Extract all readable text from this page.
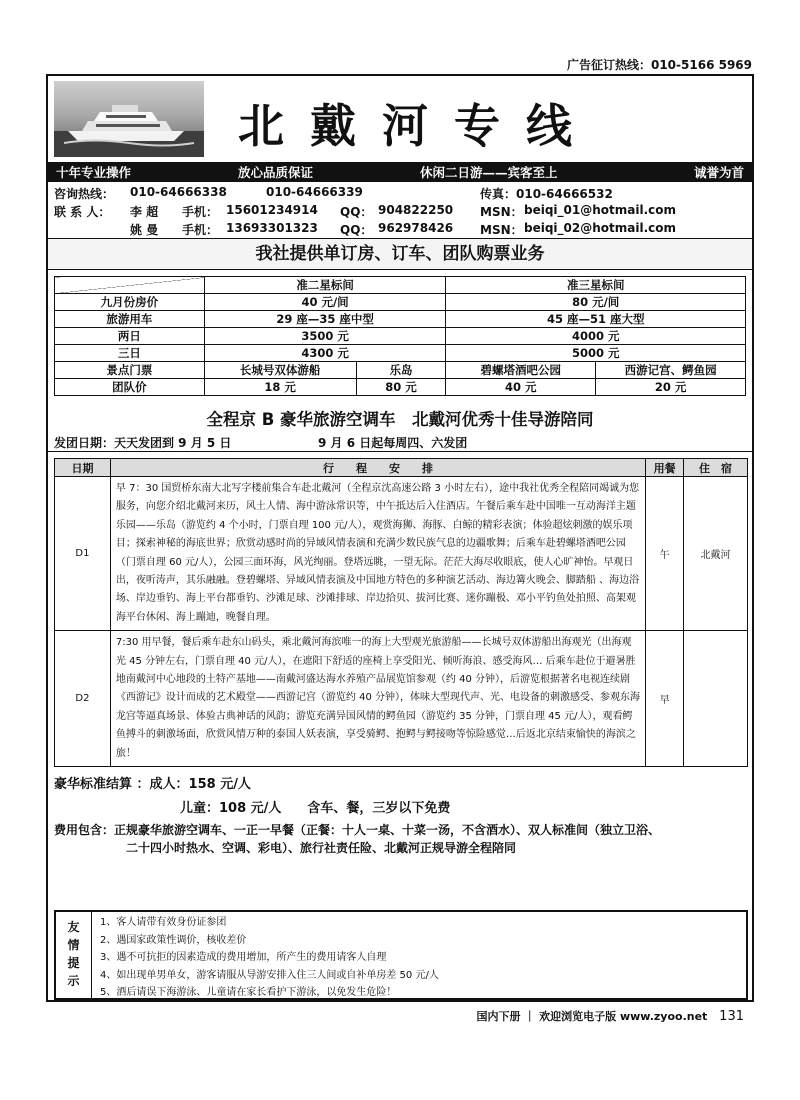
广告征订热线：010-5166 5969
北戴河专线
十年专业操作	放心品质保证	休闲二日游——宾客至上	诚誉为首
咨询热线： 010-64666338	010-64666339	传真：010-64666532
联 系 人： 李 超 手机： 15601234914 QQ： 904822250 MSN： beiqi_01@hotmail.com
姚 曼 手机： 13693301323 QQ： 962978426 MSN： beiqi_02@hotmail.com
我社提供单订房、订车、团队购票业务
	准二星标间		准三星标间	
九月份房价	40 元/间		80 元/间	
旅游用车	29 座—35 座中型		45 座—51 座大型	
两日	3500 元		4000 元	
三日	4300 元		5000 元	
景点门票	长城号双体游船	乐岛	碧螺塔酒吧公园	西游记宫、鳄鱼园
团队价	18 元	80 元	40 元	20 元
全程京 B 豪华旅游空调车　北戴河优秀十佳导游陪同
发团日期：天天发团到 9 月 5 日	9 月 6 日起每周四、六发团
日期	行　　程　　安　　排	用餐	住　宿
D1	早 7：30 国贸桥东南大北写字楼前集合车赴北戴河（全程京沈高速公路 3 小时左右），途中我社优秀全程陪同竭诚为您服务，向您介绍北戴河来历，风土人情、海中游泳常识等，中午抵达后入住酒店。午餐后乘车赴中国唯一互动海洋主题乐园——乐岛（游览约 4 个小时，门票自理 100 元/人），观赏海狮、海豚、白鲸的精彩表演；体验超炫刺激的娱乐项目；探索神秘的海底世界；欣赏动感时尚的异域风情表演和充满少数民族气息的边疆歌舞；后乘车赴碧螺塔酒吧公园（门票自理 60 元/人），公园三面环海，风光绚丽。登塔远眺，一望无际。茫茫大海尽收眼底，使人心旷神怡。早观日出，夜听涛声，其乐融融。登碧螺塔、异域风情表演及中国地方特色的多种演艺活动、海边篝火晚会、脚踏船 、海边浴场、岸边垂钓、海上平台都垂钓、沙滩足球、沙滩排球、岸边拾贝、拔河比赛、迷你蹦极、邓小平钓鱼处拍照、高架观海平台休闲、海上蹦迪，晚餐自理。	午	北戴河
D2	7:30 用早餐，餐后乘车赴东山码头，乘北戴河海滨唯一的海上大型观光旅游船——长城号双体游船出海观光（出海观光 45 分钟左右，门票自理 40 元/人），在遮阳下舒适的座椅上享受阳光、倾听海浪、感受海风… 后乘车赴位于避暑胜地南戴河中心地段的土特产基地——南戴河盛达海水养殖产品展览馆参观（约 40 分钟），后游览根据著名电视连续剧《西游记》设计而成的艺术殿堂——西游记宫（游览约 40 分钟），体味大型现代声、光、电设备的刺激感受、参观东海龙宫等逼真场景、体验古典神话的风韵；游览充满异国风情的鳄鱼园（游览约 35 分钟，门票自理 45 元/人），观看鳄鱼搏斗的刺激场面，欣赏风情万种的泰国人妖表演，享受骑鳄、抱鳄与鳄接吻等惊险感觉…后返北京结束愉快的海滨之旅！	早	
豪华标准结算 ：成人：158 元/人
儿童：108 元/人　　含车、餐，三岁以下免费
费用包含：正规豪华旅游空调车、一正一早餐（正餐：十人一桌、十菜一汤，不含酒水）、双人标准间（独立卫浴、
二十四小时热水、空调、彩电）、旅行社责任险、北戴河正规导游全程陪同
友
情
提
示
1、客人请带有效身份证参团
2、遇国家政策性调价，核收差价
3、遇不可抗拒的因素造成的费用增加，所产生的费用请客人自理
4、如出现单男单女，游客请服从导游安排入住三人间或自补单房差 50 元/人
5、酒后请误下海游泳、儿童请在家长看护下游泳，以免发生危险！
国内下册 ｜ 欢迎浏览电子版 www.zyoo.net 131
